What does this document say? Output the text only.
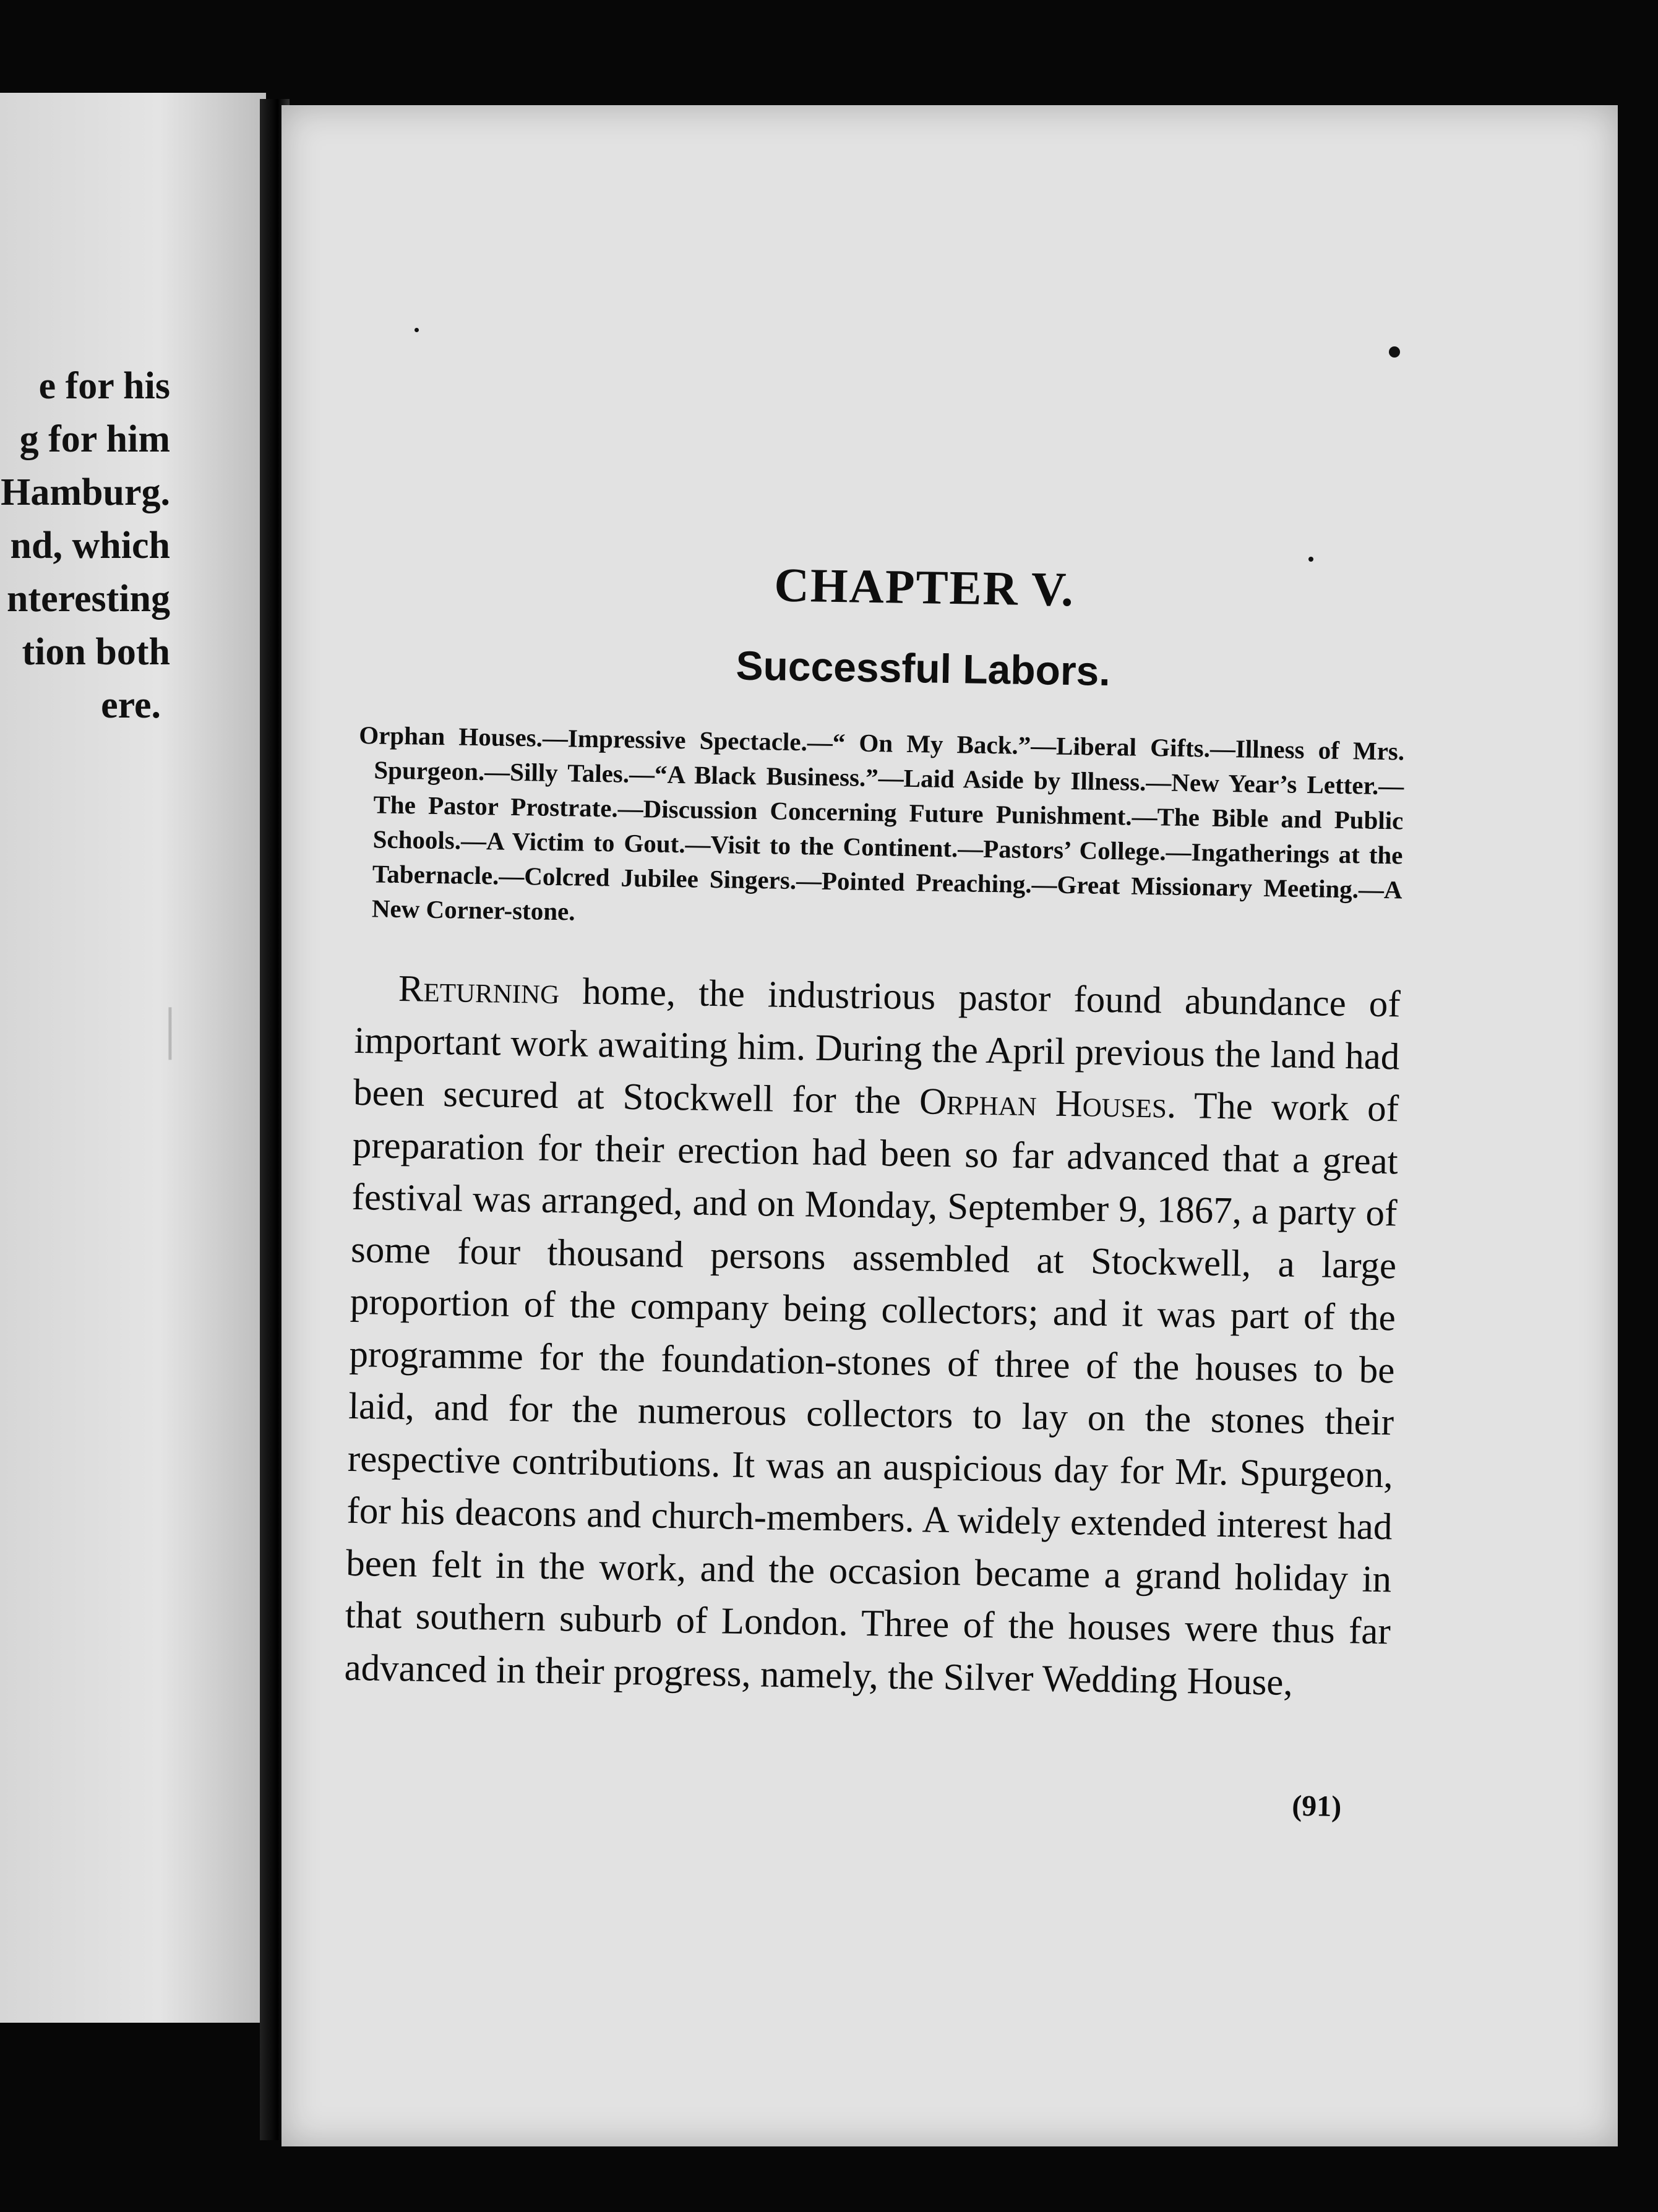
e for his

g for him

Hamburg.

nd, which

nteresting

tion both

ere.

│
CHAPTER V.
Successful Labors.

Orphan Houses.—Impressive Spectacle.—“ On My Back.”—Liberal Gifts.—Illness of Mrs. Spurgeon.—Silly Tales.—“A Black Business.”—Laid Aside by Illness.—New Year’s Letter.—The Pastor Prostrate.—Discussion Concerning Future Punishment.—The Bible and Public Schools.—A Victim to Gout.—Visit to the Continent.—Pastors’ College.—Ingatherings at the Tabernacle.—Colcred Jubilee Singers.—Pointed Preaching.—Great Missionary Meeting.—A New Corner-stone.

Returning home, the industrious pastor found abundance of important work awaiting him. During the April previous the land had been secured at Stockwell for the Orphan Houses. The work of preparation for their erection had been so far advanced that a great festival was arranged, and on Monday, September 9, 1867, a party of some four thousand persons assembled at Stockwell, a large proportion of the company being collectors; and it was part of the programme for the foundation-stones of three of the houses to be laid, and for the numerous collectors to lay on the stones their respective contributions. It was an auspicious day for Mr. Spurgeon, for his deacons and church-members. A widely extended interest had been felt in the work, and the occasion became a grand holiday in that southern suburb of London. Three of the houses were thus far advanced in their progress, namely, the Silver Wedding House,

(91)
